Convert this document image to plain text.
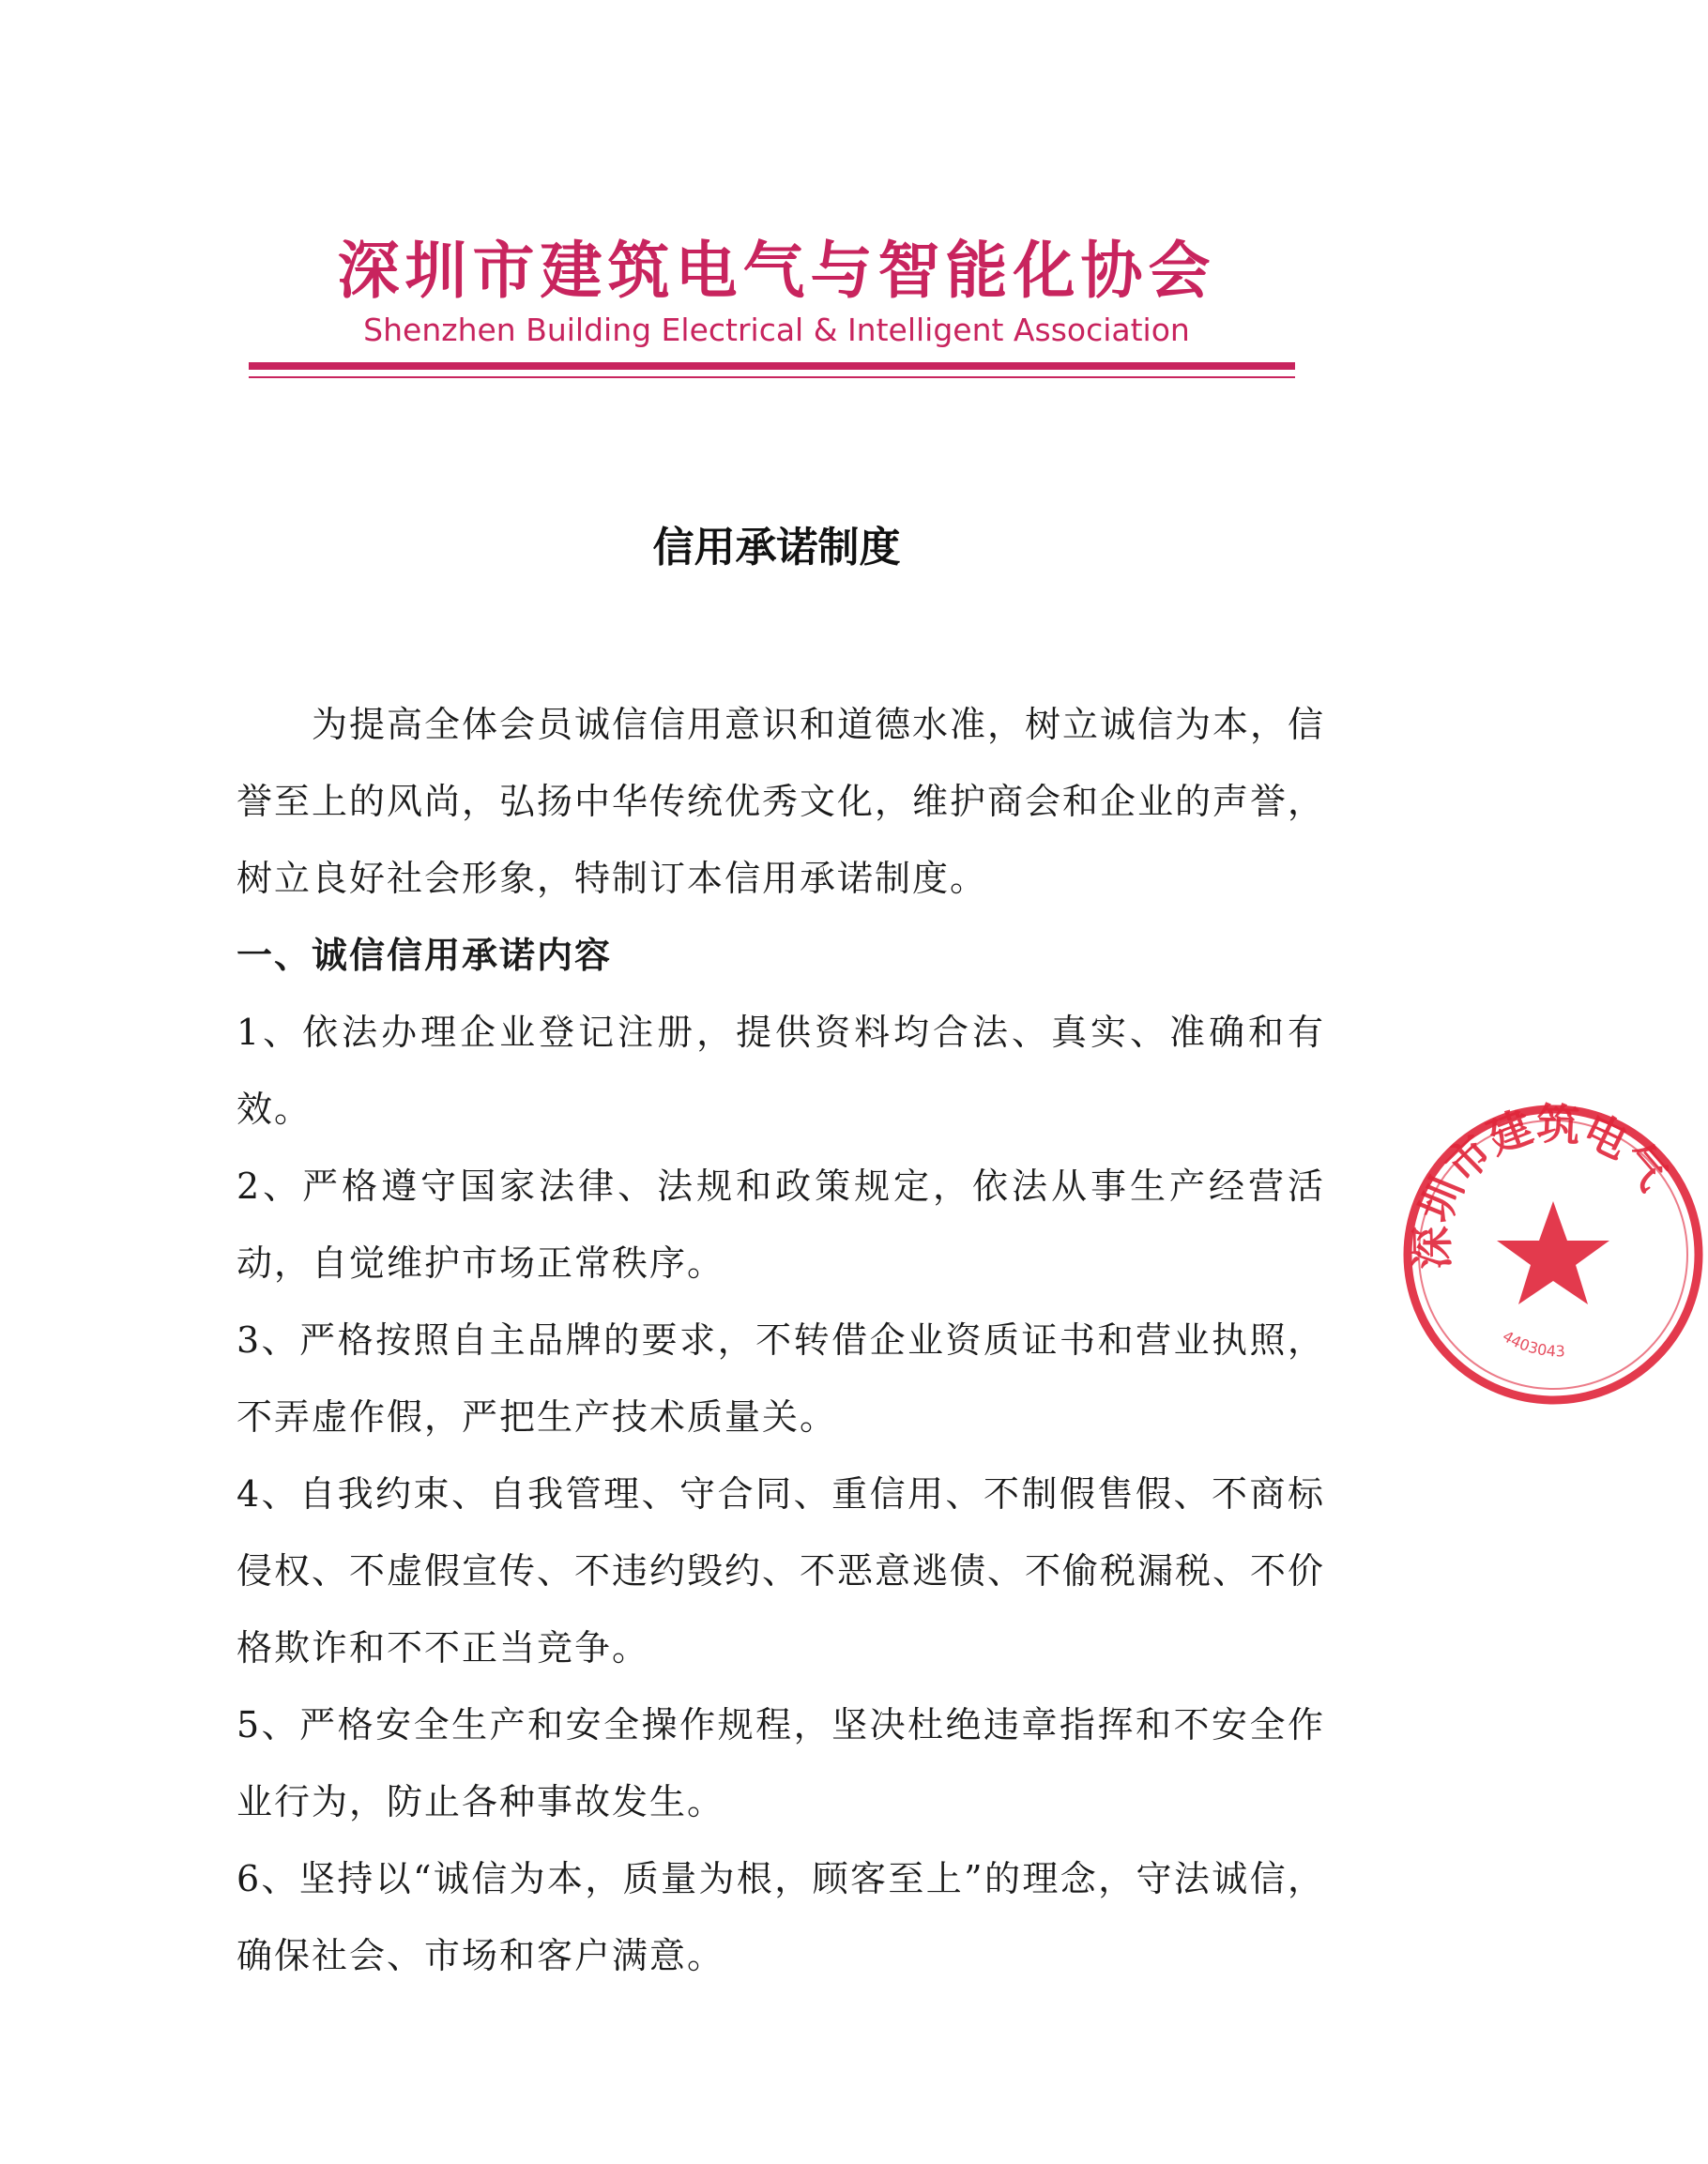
深圳市建筑电气与智能化协会
Shenzhen Building Electrical & Intelligent Association
信用承诺制度

为提高全体会员诚信信用意识和道德水准，树立诚信为本，信誉至上的风尚，弘扬中华传统优秀文化，维护商会和企业的声誉，树立良好社会形象，特制订本信用承诺制度。

一、诚信信用承诺内容

1、依法办理企业登记注册，提供资料均合法、真实、准确和有效。

2、严格遵守国家法律、法规和政策规定，依法从事生产经营活动，自觉维护市场正常秩序。

3、严格按照自主品牌的要求，不转借企业资质证书和营业执照，不弄虚作假，严把生产技术质量关。

4、自我约束、自我管理、守合同、重信用、不制假售假、不商标侵权、不虚假宣传、不违约毁约、不恶意逃债、不偷税漏税、不价格欺诈和不不正当竞争。

5、严格安全生产和安全操作规程，坚决杜绝违章指挥和不安全作业行为，防止各种事故发生。

6、坚持以“诚信为本，质量为根，顾客至上”的理念，守法诚信，确保社会、市场和客户满意。

深圳市建筑电气
4403043
